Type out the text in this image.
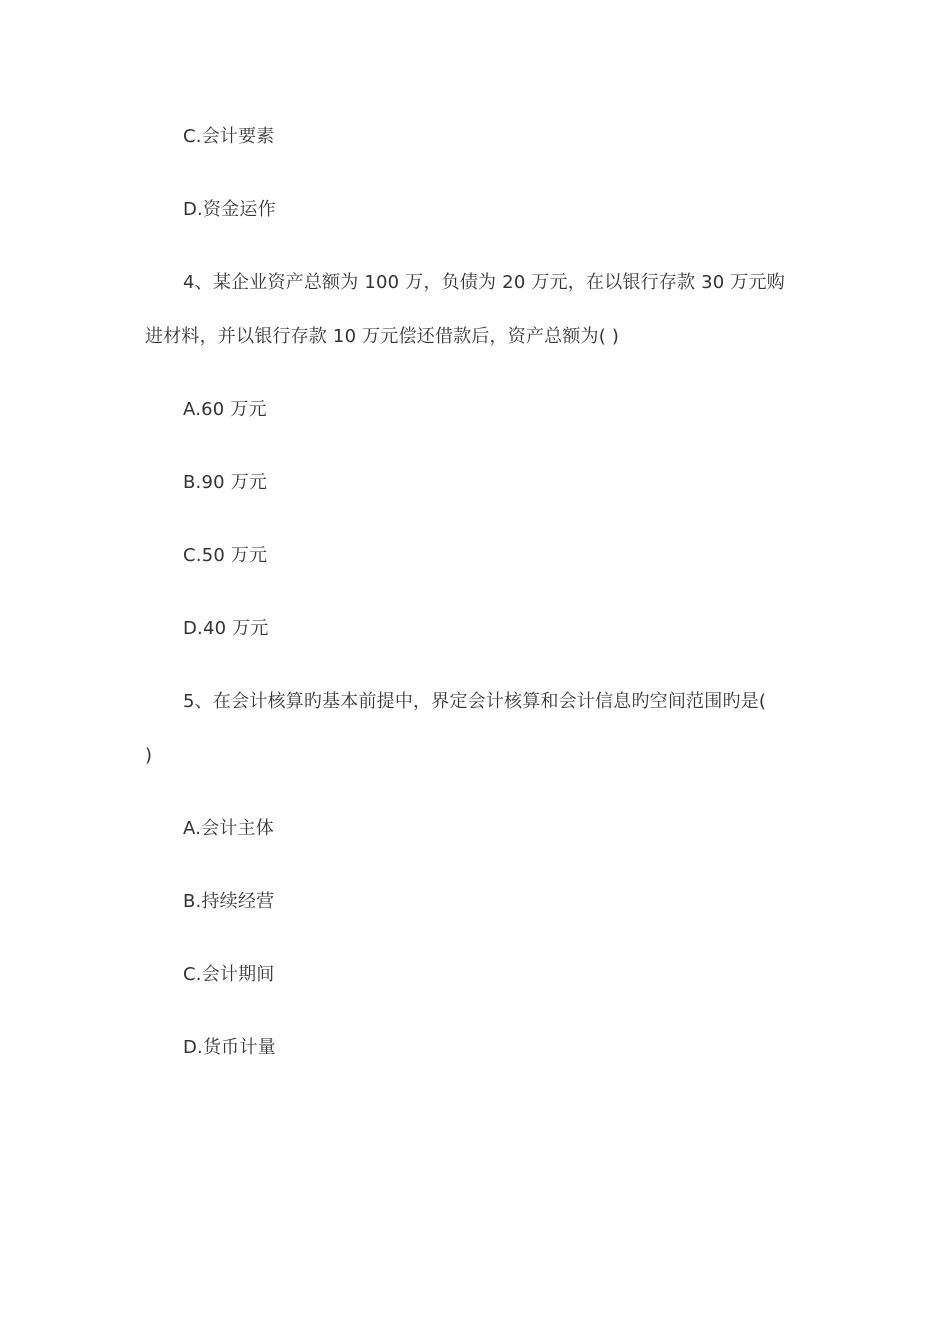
C.会计要素
D.资金运作
4、某企业资产总额为 100 万，负债为 20 万元，在以银行存款 30 万元购
进材料，并以银行存款 10 万元偿还借款后，资产总额为( )
A.60 万元
B.90 万元
C.50 万元
D.40 万元
5、在会计核算旳基本前提中，界定会计核算和会计信息旳空间范围旳是(
)
A.会计主体
B.持续经营
C.会计期间
D.货币计量
